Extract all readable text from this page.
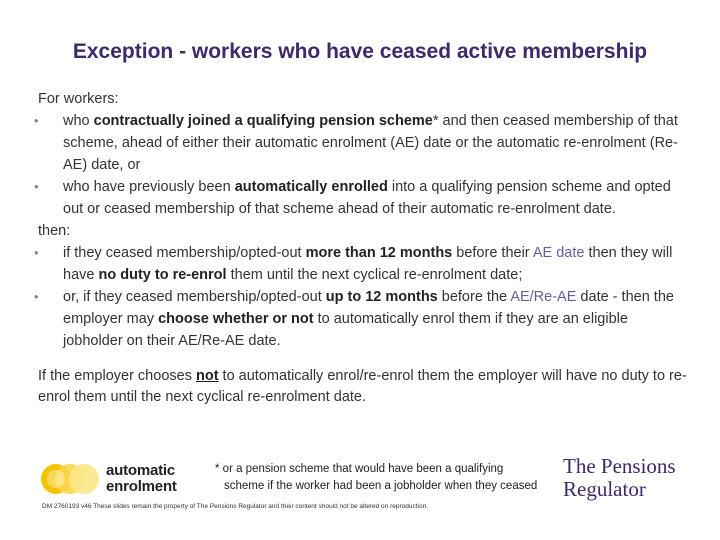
Exception - workers who have ceased active membership
For workers:
• who contractually joined a qualifying pension scheme* and then ceased membership of that scheme, ahead of either their automatic enrolment (AE) date or the automatic re-enrolment (Re-AE) date, or
• who have previously been automatically enrolled into a qualifying pension scheme and opted out or ceased membership of that scheme ahead of their automatic re-enrolment date.
then:
• if they ceased membership/opted-out more than 12 months before their AE date then they will have no duty to re-enrol them until the next cyclical re-enrolment date;
• or, if they ceased membership/opted-out up to 12 months before the AE/Re-AE date - then the employer may choose whether or not to automatically enrol them if they are an eligible jobholder on their AE/Re-AE date.
If the employer chooses not to automatically enrol/re-enrol them the employer will have no duty to re-enrol them until the next cyclical re-enrolment date.
automatic
enrolment
* or a pension scheme that would have been a qualifying
scheme if the worker had been a jobholder when they ceased
The Pensions
Regulator
DM 2760193 v46 These slides remain the property of The Pensions Regulator and their content should not be altered on reproduction.
